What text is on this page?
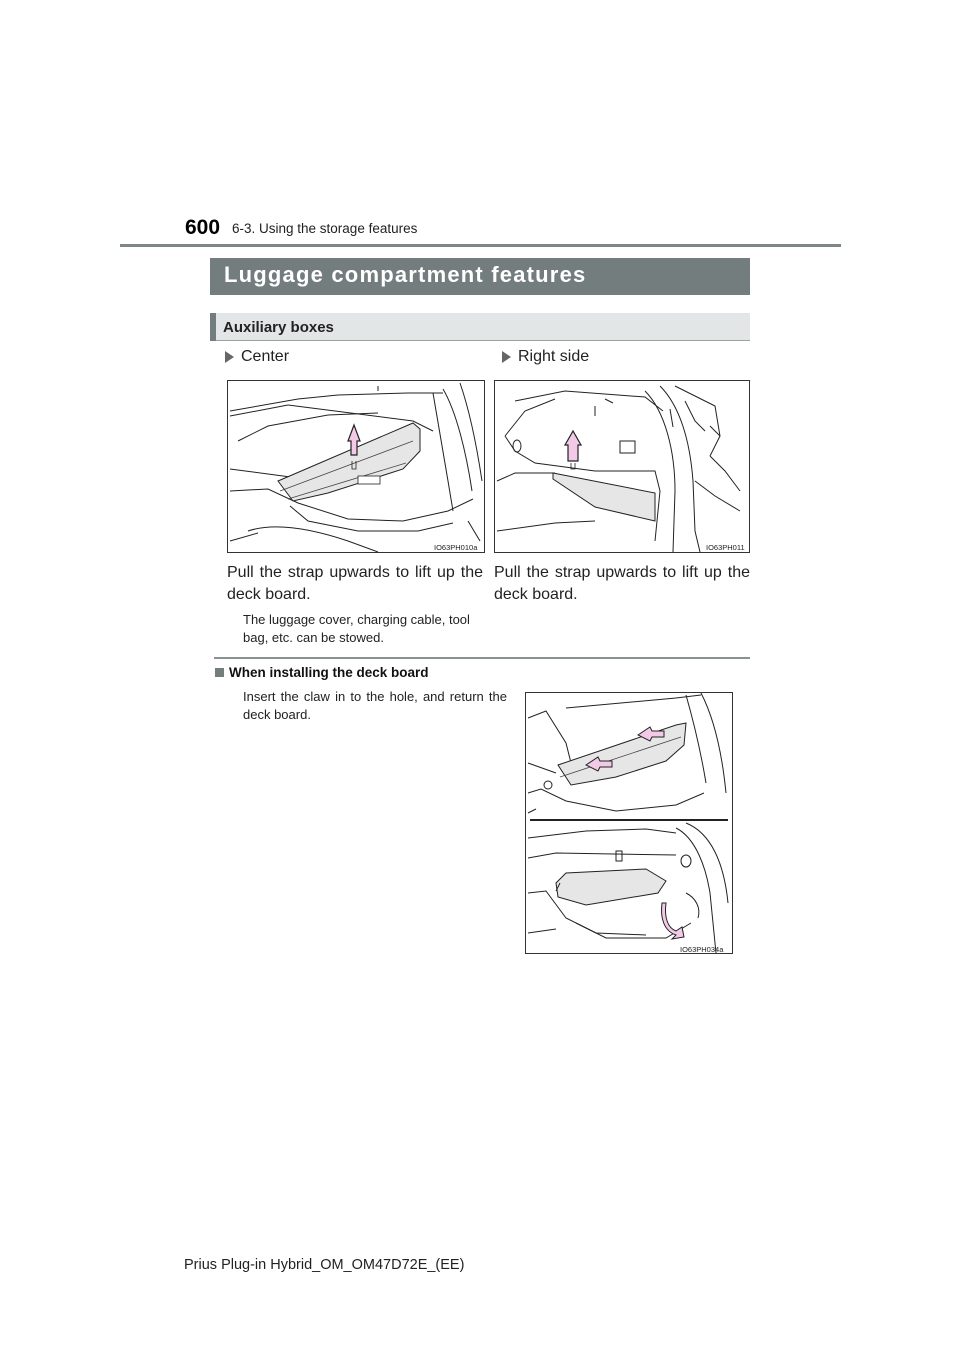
600 6-3. Using the storage features
Luggage compartment features
Auxiliary boxes
Center
IO63PH010a
Pull the strap upwards to lift up the deck board.
The luggage cover, charging cable, tool bag, etc. can be stowed.
Right side
IO63PH011
Pull the strap upwards to lift up the deck board.
When installing the deck board
Insert the claw in to the hole, and return the deck board.
IO63PH034a
Prius Plug-in Hybrid_OM_OM47D72E_(EE)
